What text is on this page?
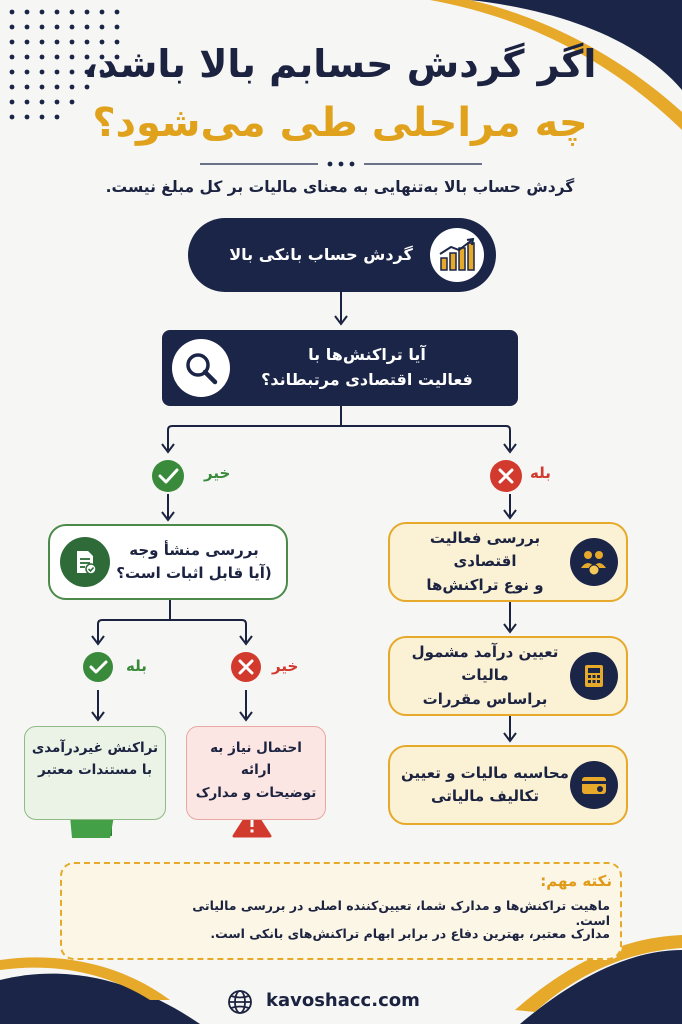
اگر گردش حسابم بالا باشد،
چه مراحلی طی می‌شود؟
گردش حساب بالا به‌تنهایی به معنای مالیات بر کل مبلغ نیست.
گردش حساب بانکی بالا
آیا تراکنش‌ها با
فعالیت اقتصادی مرتبطاند؟
خیر	بله
بررسی فعالیت اقتصادی
و نوع تراکنش‌ها
تعیین درآمد مشمول مالیات
براساس مقررات
محاسبه مالیات و تعیین
تکالیف مالیاتی
بررسی منشأ وجه
(آیا قابل اثبات است؟
بله	خیر
تراکنش غیردرآمدی
با مستندات معتبر
احتمال نیاز به ارائه
توضیحات و مدارک
نکته مهم:
ماهیت تراکنش‌ها و مدارک شما، تعیین‌کننده اصلی در بررسی مالیاتی است.
مدارک معتبر، بهترین دفاع در برابر ابهام تراکنش‌های بانکی است.
kavoshacc.com
